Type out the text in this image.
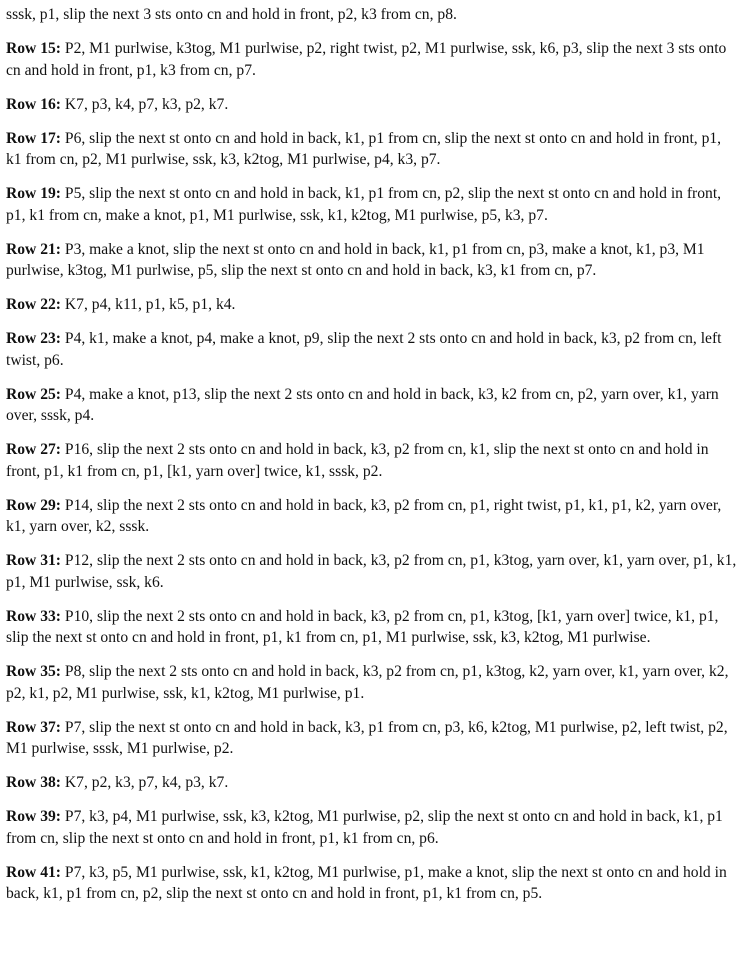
sssk, p1, slip the next 3 sts onto cn and hold in front, p2, k3 from cn, p8.

Row 15: P2, M1 purlwise, k3tog, M1 purlwise, p2, right twist, p2, M1 purlwise, ssk, k6, p3, slip the next 3 sts onto cn and hold in front, p1, k3 from cn, p7.

Row 16: K7, p3, k4, p7, k3, p2, k7.

Row 17: P6, slip the next st onto cn and hold in back, k1, p1 from cn, slip the next st onto cn and hold in front, p1, k1 from cn, p2, M1 purlwise, ssk, k3, k2tog, M1 purlwise, p4, k3, p7.

Row 19: P5, slip the next st onto cn and hold in back, k1, p1 from cn, p2, slip the next st onto cn and hold in front, p1, k1 from cn, make a knot, p1, M1 purlwise, ssk, k1, k2tog, M1 purlwise, p5, k3, p7.

Row 21: P3, make a knot, slip the next st onto cn and hold in back, k1, p1 from cn, p3, make a knot, k1, p3, M1 purlwise, k3tog, M1 purlwise, p5, slip the next st onto cn and hold in back, k3, k1 from cn, p7.

Row 22: K7, p4, k11, p1, k5, p1, k4.

Row 23: P4, k1, make a knot, p4, make a knot, p9, slip the next 2 sts onto cn and hold in back, k3, p2 from cn, left twist, p6.

Row 25: P4, make a knot, p13, slip the next 2 sts onto cn and hold in back, k3, k2 from cn, p2, yarn over, k1, yarn over, sssk, p4.

Row 27: P16, slip the next 2 sts onto cn and hold in back, k3, p2 from cn, k1, slip the next st onto cn and hold in front, p1, k1 from cn, p1, [k1, yarn over] twice, k1, sssk, p2.

Row 29: P14, slip the next 2 sts onto cn and hold in back, k3, p2 from cn, p1, right twist, p1, k1, p1, k2, yarn over, k1, yarn over, k2, sssk.

Row 31: P12, slip the next 2 sts onto cn and hold in back, k3, p2 from cn, p1, k3tog, yarn over, k1, yarn over, p1, k1, p1, M1 purlwise, ssk, k6.

Row 33: P10, slip the next 2 sts onto cn and hold in back, k3, p2 from cn, p1, k3tog, [k1, yarn over] twice, k1, p1, slip the next st onto cn and hold in front, p1, k1 from cn, p1, M1 purlwise, ssk, k3, k2tog, M1 purlwise.

Row 35: P8, slip the next 2 sts onto cn and hold in back, k3, p2 from cn, p1, k3tog, k2, yarn over, k1, yarn over, k2, p2, k1, p2, M1 purlwise, ssk, k1, k2tog, M1 purlwise, p1.

Row 37: P7, slip the next st onto cn and hold in back, k3, p1 from cn, p3, k6, k2tog, M1 purlwise, p2, left twist, p2, M1 purlwise, sssk, M1 purlwise, p2.

Row 38: K7, p2, k3, p7, k4, p3, k7.

Row 39: P7, k3, p4, M1 purlwise, ssk, k3, k2tog, M1 purlwise, p2, slip the next st onto cn and hold in back, k1, p1 from cn, slip the next st onto cn and hold in front, p1, k1 from cn, p6.

Row 41: P7, k3, p5, M1 purlwise, ssk, k1, k2tog, M1 purlwise, p1, make a knot, slip the next st onto cn and hold in back, k1, p1 from cn, p2, slip the next st onto cn and hold in front, p1, k1 from cn, p5.
